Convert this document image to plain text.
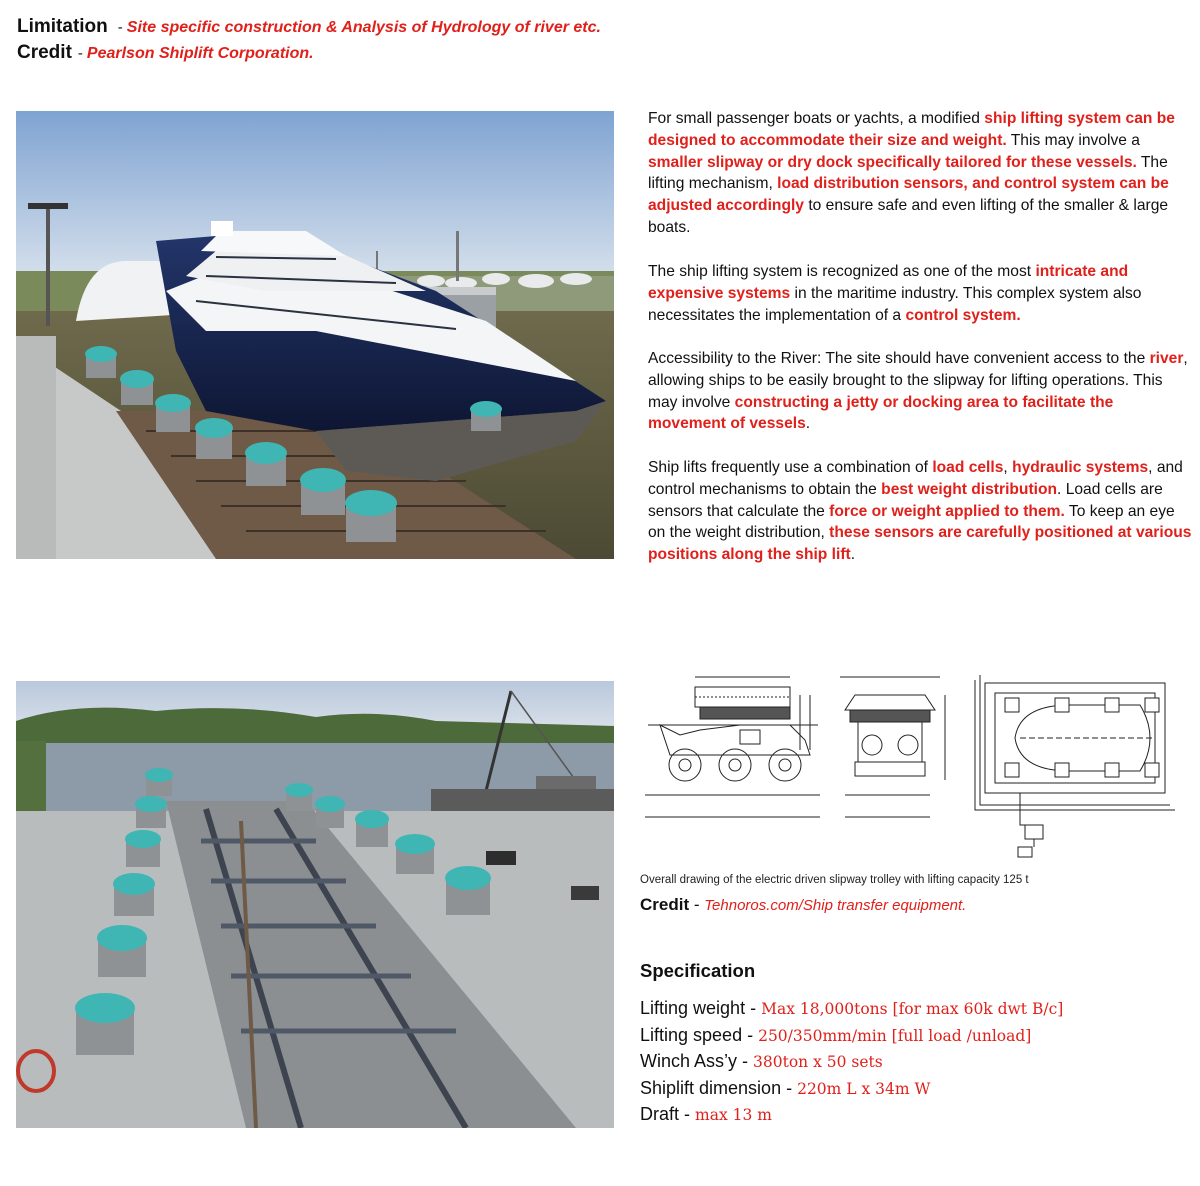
Limitation - Site specific construction & Analysis of Hydrology of river etc.
Credit - Pearlson Shiplift Corporation.

For small passenger boats or yachts, a modified ship lifting system can be designed to accommodate their size and weight. This may involve a smaller slipway or dry dock specifically tailored for these vessels. The lifting mechanism, load distribution sensors, and control system can be adjusted accordingly to ensure safe and even lifting of the smaller & large boats.

The ship lifting system is recognized as one of the most intricate and expensive systems in the maritime industry. This complex system also necessitates the implementation of a control system.

Accessibility to the River: The site should have convenient access to the river, allowing ships to be easily brought to the slipway for lifting operations. This may involve constructing a jetty or docking area to facilitate the movement of vessels.

Ship lifts frequently use a combination of load cells, hydraulic systems, and control mechanisms to obtain the best weight distribution. Load cells are sensors that calculate the force or weight applied to them. To keep an eye on the weight distribution, these sensors are carefully positioned at various positions along the ship lift.

Overall drawing of the electric driven slipway trolley with lifting capacity 125 t
Credit - Tehnoros.com/Ship transfer equipment.
Specification
Lifting weight - Max 18,000tons [for max 60k dwt B/c]
Lifting speed - 250/350mm/min [full load /unload]
Winch Ass’y - 380ton x 50 sets
Shiplift dimension - 220m L x 34m W
Draft - max 13 m
